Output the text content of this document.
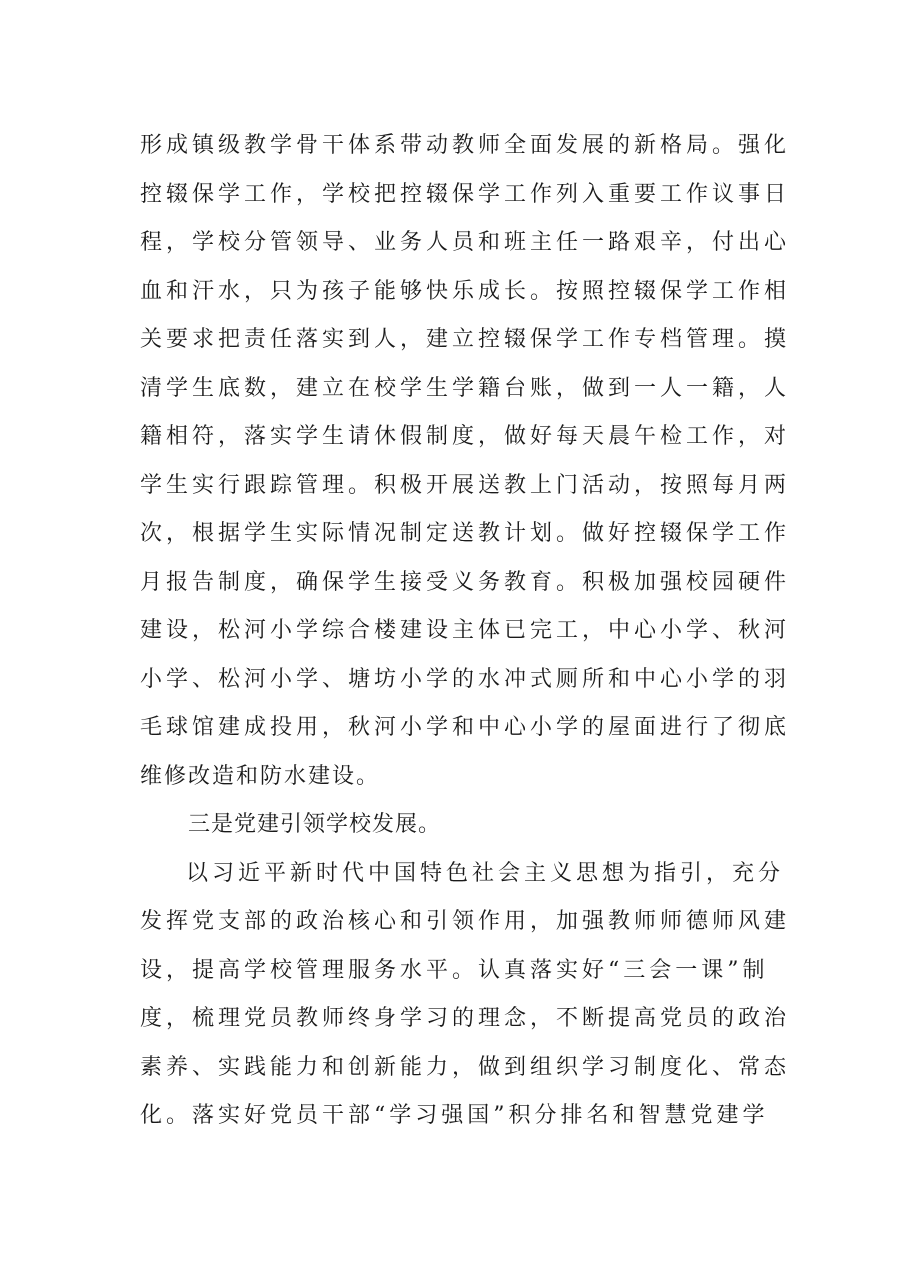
形成镇级教学骨干体系带动教师全面发展的新格局。强化
控辍保学工作，学校把控辍保学工作列入重要工作议事日
程，学校分管领导、业务人员和班主任一路艰辛，付出心
血和汗水，只为孩子能够快乐成长。按照控辍保学工作相
关要求把责任落实到人，建立控辍保学工作专档管理。摸
清学生底数，建立在校学生学籍台账，做到一人一籍，人
籍相符，落实学生请休假制度，做好每天晨午检工作，对
学生实行跟踪管理。积极开展送教上门活动，按照每月两
次，根据学生实际情况制定送教计划。做好控辍保学工作
月报告制度，确保学生接受义务教育。积极加强校园硬件
建设，松河小学综合楼建设主体已完工，中心小学、秋河
小学、松河小学、塘坊小学的水冲式厕所和中心小学的羽
毛球馆建成投用，秋河小学和中心小学的屋面进行了彻底
维修改造和防水建设。
三是党建引领学校发展。
以习近平新时代中国特色社会主义思想为指引，充分
发挥党支部的政治核心和引领作用，加强教师师德师风建
设，提高学校管理服务水平。认真落实好“三会一课”制
度，梳理党员教师终身学习的理念，不断提高党员的政治
素养、实践能力和创新能力，做到组织学习制度化、常态
化。落实好党员干部“学习强国”积分排名和智慧党建学
